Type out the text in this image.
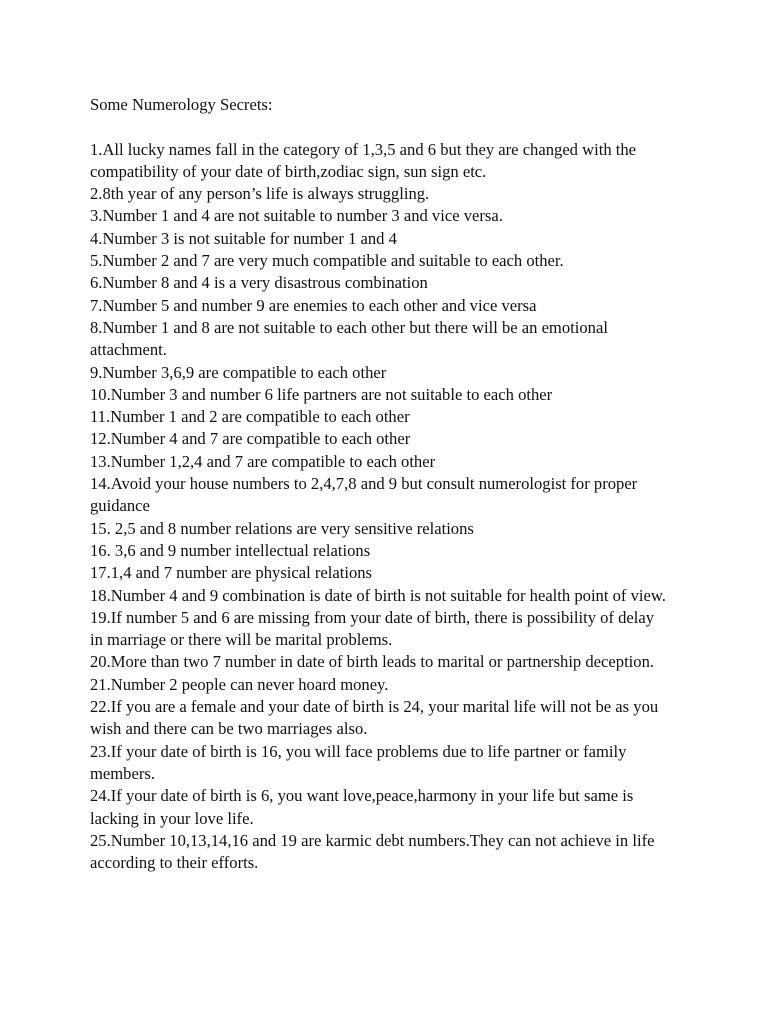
Some Numerology Secrets:

1.All lucky names fall in the category of 1,3,5 and 6 but they are changed with the compatibility of your date of birth,zodiac sign, sun sign etc.

2.8th year of any person’s life is always struggling.

3.Number 1 and 4 are not suitable to number 3 and vice versa.

4.Number 3 is not suitable for number 1 and 4

5.Number 2 and 7 are very much compatible and suitable to each other.

6.Number 8 and 4 is a very disastrous combination

7.Number 5 and number 9 are enemies to each other and vice versa

8.Number 1 and 8 are not suitable to each other but there will be an emotional attachment.

9.Number 3,6,9 are compatible to each other

10.Number 3 and number 6 life partners are not suitable to each other

11.Number 1 and 2 are compatible to each other

12.Number 4 and 7 are compatible to each other

13.Number 1,2,4 and 7 are compatible to each other

14.Avoid your house numbers to 2,4,7,8 and 9 but consult numerologist for proper guidance

15. 2,5 and 8 number relations are very sensitive relations

16. 3,6 and 9 number intellectual relations

17.1,4 and 7 number are physical relations

18.Number 4 and 9 combination is date of birth is not suitable for health point of view.

19.If number 5 and 6 are missing from your date of birth, there is possibility of delay in marriage or there will be marital problems.

20.More than two 7 number in date of birth leads to marital or partnership deception.

21.Number 2 people can never hoard money.

22.If you are a female and your date of birth is 24, your marital life will not be as you wish and there can be two marriages also.

23.If your date of birth is 16, you will face problems due to life partner or family members.

24.If your date of birth is 6, you want love,peace,harmony in your life but same is lacking in your love life.

25.Number 10,13,14,16 and 19 are karmic debt numbers.They can not achieve in life according to their efforts.
